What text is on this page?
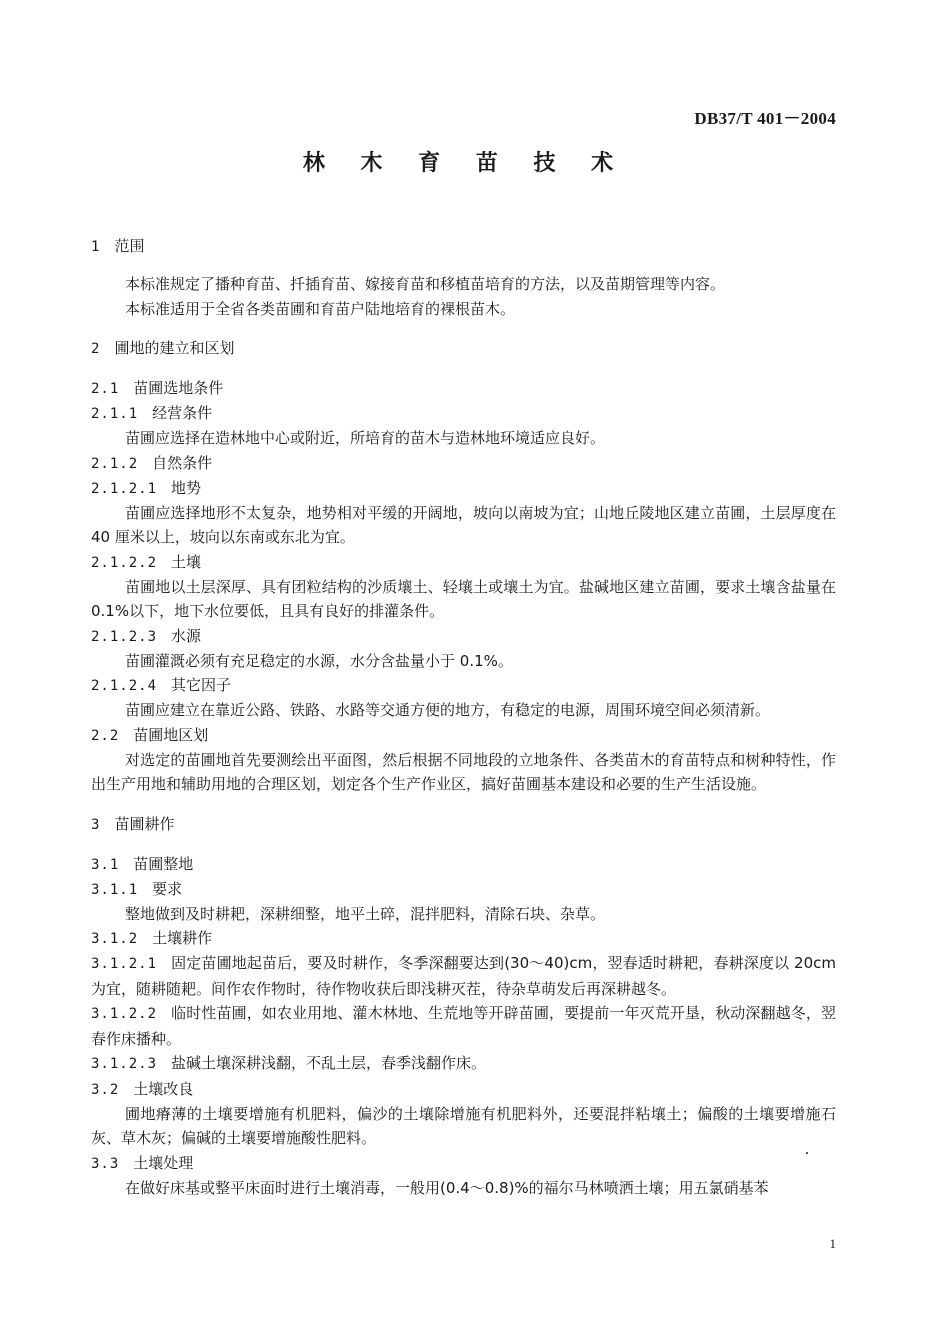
DB37/T 401－2004
林 木 育 苗 技 术
1 范围

本标准规定了播种育苗、扦插育苗、嫁接育苗和移植苗培育的方法，以及苗期管理等内容。

本标准适用于全省各类苗圃和育苗户陆地培育的裸根苗木。

2 圃地的建立和区划
2.1 苗圃选地条件
2.1.1 经营条件

苗圃应选择在造林地中心或附近，所培育的苗木与造林地环境适应良好。

2.1.2 自然条件
2.1.2.1 地势

苗圃应选择地形不太复杂，地势相对平缓的开阔地，坡向以南坡为宜；山地丘陵地区建立苗圃，土层厚度在 40 厘米以上，坡向以东南或东北为宜。

2.1.2.2 土壤

苗圃地以土层深厚、具有团粒结构的沙质壤土、轻壤土或壤土为宜。盐碱地区建立苗圃，要求土壤含盐量在 0.1%以下，地下水位要低，且具有良好的排灌条件。

2.1.2.3 水源

苗圃灌溉必须有充足稳定的水源，水分含盐量小于 0.1%。

2.1.2.4 其它因子

苗圃应建立在靠近公路、铁路、水路等交通方便的地方，有稳定的电源，周围环境空间必须清新。

2.2 苗圃地区划

对选定的苗圃地首先要测绘出平面图，然后根据不同地段的立地条件、各类苗木的育苗特点和树种特性，作出生产用地和辅助用地的合理区划，划定各个生产作业区，搞好苗圃基本建设和必要的生产生活设施。

3 苗圃耕作
3.1 苗圃整地
3.1.1 要求

整地做到及时耕耙，深耕细整，地平土碎，混拌肥料，清除石块、杂草。

3.1.2 土壤耕作

3.1.2.1 固定苗圃地起苗后，要及时耕作，冬季深翻要达到(30～40)cm，翌春适时耕耙，春耕深度以 20cm 为宜，随耕随耙。间作农作物时，待作物收获后即浅耕灭茬，待杂草萌发后再深耕越冬。

3.1.2.2 临时性苗圃，如农业用地、灌木林地、生荒地等开辟苗圃，要提前一年灭荒开垦，秋动深翻越冬，翌春作床播种。

3.1.2.3 盐碱土壤深耕浅翻，不乱土层，春季浅翻作床。

3.2 土壤改良

圃地瘠薄的土壤要增施有机肥料，偏沙的土壤除增施有机肥料外，还要混拌粘壤土；偏酸的土壤要增施石灰、草木灰；偏碱的土壤要增施酸性肥料。

3.3 土壤处理

在做好床基或整平床面时进行土壤消毒，一般用(0.4～0.8)%的福尔马林喷洒土壤；用五氯硝基苯

1
